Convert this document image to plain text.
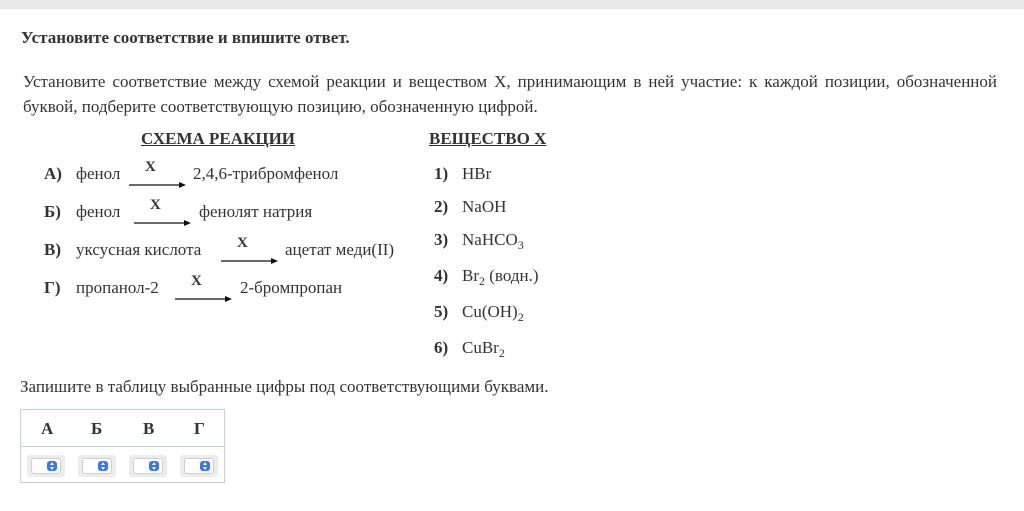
Установите соответствие и впишите ответ.
Установите соответствие между схемой реакции и веществом X, принимающим в ней участие: к каждой позиции, обозначенной буквой, подберите соответствующую позицию, обозначенную цифрой.
СХЕМА РЕАКЦИИ	ВЕЩЕСТВО X
А) фенол X 2,4,6-трибромфенол
Б) фенол X фенолят натрия
В) уксусная кислота X ацетат меди(II)
Г) пропанол-2 X 2-бромпропан
1) HBr
2) NaOH
3) NaHCO$_3$
4) $Br_2$ (водн.)
5) $Cu(OH)_2$
6) CuBr$_2$
Запишите в таблицу выбранные цифры под соответствующими буквами.
А Б В Г
